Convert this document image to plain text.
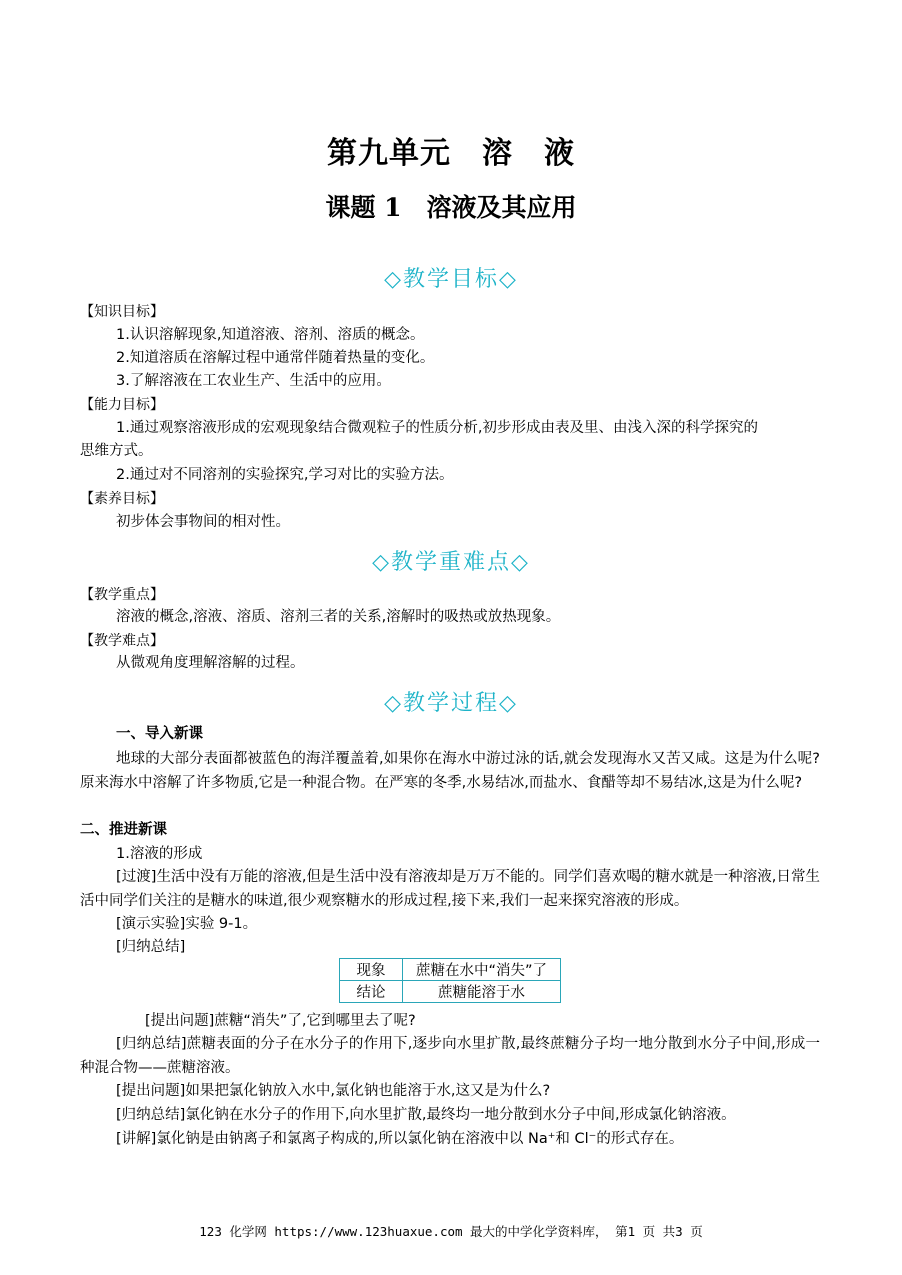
第九单元　溶　液
课题 1　溶液及其应用
◇教学目标◇
【知识目标】
1.认识溶解现象,知道溶液、溶剂、溶质的概念。
2.知道溶质在溶解过程中通常伴随着热量的变化。
3.了解溶液在工农业生产、生活中的应用。
【能力目标】
1.通过观察溶液形成的宏观现象结合微观粒子的性质分析,初步形成由表及里、由浅入深的科学探究的
思维方式。
2.通过对不同溶剂的实验探究,学习对比的实验方法。
【素养目标】
初步体会事物间的相对性。
◇教学重难点◇
【教学重点】
溶液的概念,溶液、溶质、溶剂三者的关系,溶解时的吸热或放热现象。
【教学难点】
从微观角度理解溶解的过程。
◇教学过程◇
一、导入新课
地球的大部分表面都被蓝色的海洋覆盖着,如果你在海水中游过泳的话,就会发现海水又苦又咸。这是为什么呢?原来海水中溶解了许多物质,它是一种混合物。在严寒的冬季,水易结冰,而盐水、食醋等却不易结冰,这是为什么呢?
二、推进新课
1.溶液的形成
[过渡]生活中没有万能的溶液,但是生活中没有溶液却是万万不能的。同学们喜欢喝的糖水就是一种溶液,日常生活中同学们关注的是糖水的味道,很少观察糖水的形成过程,接下来,我们一起来探究溶液的形成。
[演示实验]实验 9-1。
[归纳总结]
现象	蔗糖在水中“消失”了
结论	蔗糖能溶于水
[提出问题]蔗糖“消失”了,它到哪里去了呢?
[归纳总结]蔗糖表面的分子在水分子的作用下,逐步向水里扩散,最终蔗糖分子均一地分散到水分子中间,形成一种混合物——蔗糖溶液。
[提出问题]如果把氯化钠放入水中,氯化钠也能溶于水,这又是为什么?
[归纳总结]氯化钠在水分子的作用下,向水里扩散,最终均一地分散到水分子中间,形成氯化钠溶液。
[讲解]氯化钠是由钠离子和氯离子构成的,所以氯化钠在溶液中以 Na⁺和 Cl⁻的形式存在。
123 化学网 https://www.123huaxue.com 最大的中学化学资料库， 第1 页 共3 页
